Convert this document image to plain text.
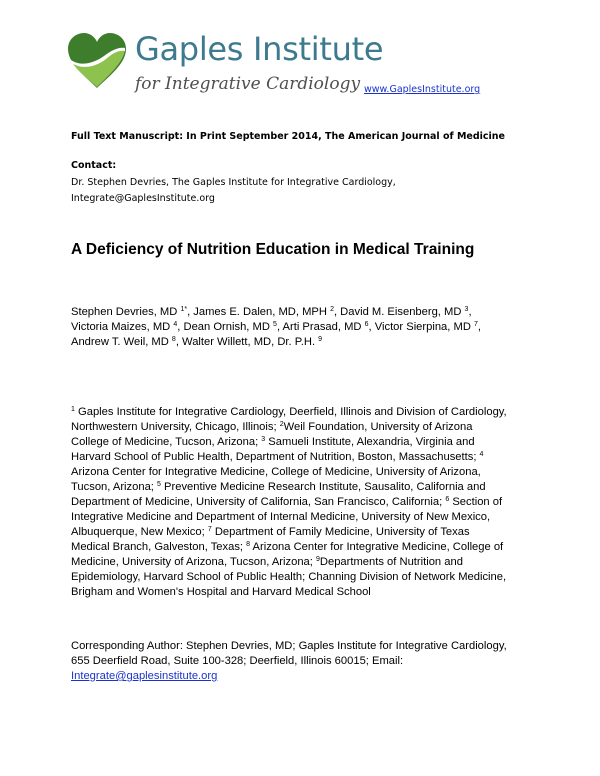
Gaples Institute
for Integrative Cardiology www.GaplesInstitute.org
Full Text Manuscript: In Print September 2014, The American Journal of Medicine
Contact:
Dr. Stephen Devries, The Gaples Institute for Integrative Cardiology,
Integrate@GaplesInstitute.org
A Deficiency of Nutrition Education in Medical Training
Stephen Devries, MD $^{1*}$, James E. Dalen, MD, MPH $^2$, David M. Eisenberg, MD $^3$,
Victoria Maizes, MD $^4$, Dean Ornish, MD $^5$, Arti Prasad, MD $^6$, Victor Sierpina, MD $^7$,
Andrew T. Weil, MD $^8$, Walter Willett, MD, Dr. P.H. $^9$
$^1$ Gaples Institute for Integrative Cardiology, Deerfield, Illinois and Division of Cardiology,
Northwestern University, Chicago, Illinois; $^2$Weil Foundation, University of Arizona
College of Medicine, Tucson, Arizona; $^3$ Samueli Institute, Alexandria, Virginia and
Harvard School of Public Health, Department of Nutrition, Boston, Massachusetts; $^4$
Arizona Center for Integrative Medicine, College of Medicine, University of Arizona,
Tucson, Arizona; $^5$ Preventive Medicine Research Institute, Sausalito, California and
Department of Medicine, University of California, San Francisco, California; $^6$ Section of
Integrative Medicine and Department of Internal Medicine, University of New Mexico,
Albuquerque, New Mexico; $^7$ Department of Family Medicine, University of Texas
Medical Branch, Galveston, Texas; $^8$ Arizona Center for Integrative Medicine, College of
Medicine, University of Arizona, Tucson, Arizona; $^9$Departments of Nutrition and
Epidemiology, Harvard School of Public Health; Channing Division of Network Medicine,
Brigham and Women's Hospital and Harvard Medical School
Corresponding Author: Stephen Devries, MD; Gaples Institute for Integrative Cardiology,
655 Deerfield Road, Suite 100-328; Deerfield, Illinois 60015; Email:
Integrate@gaplesinstitute.org
